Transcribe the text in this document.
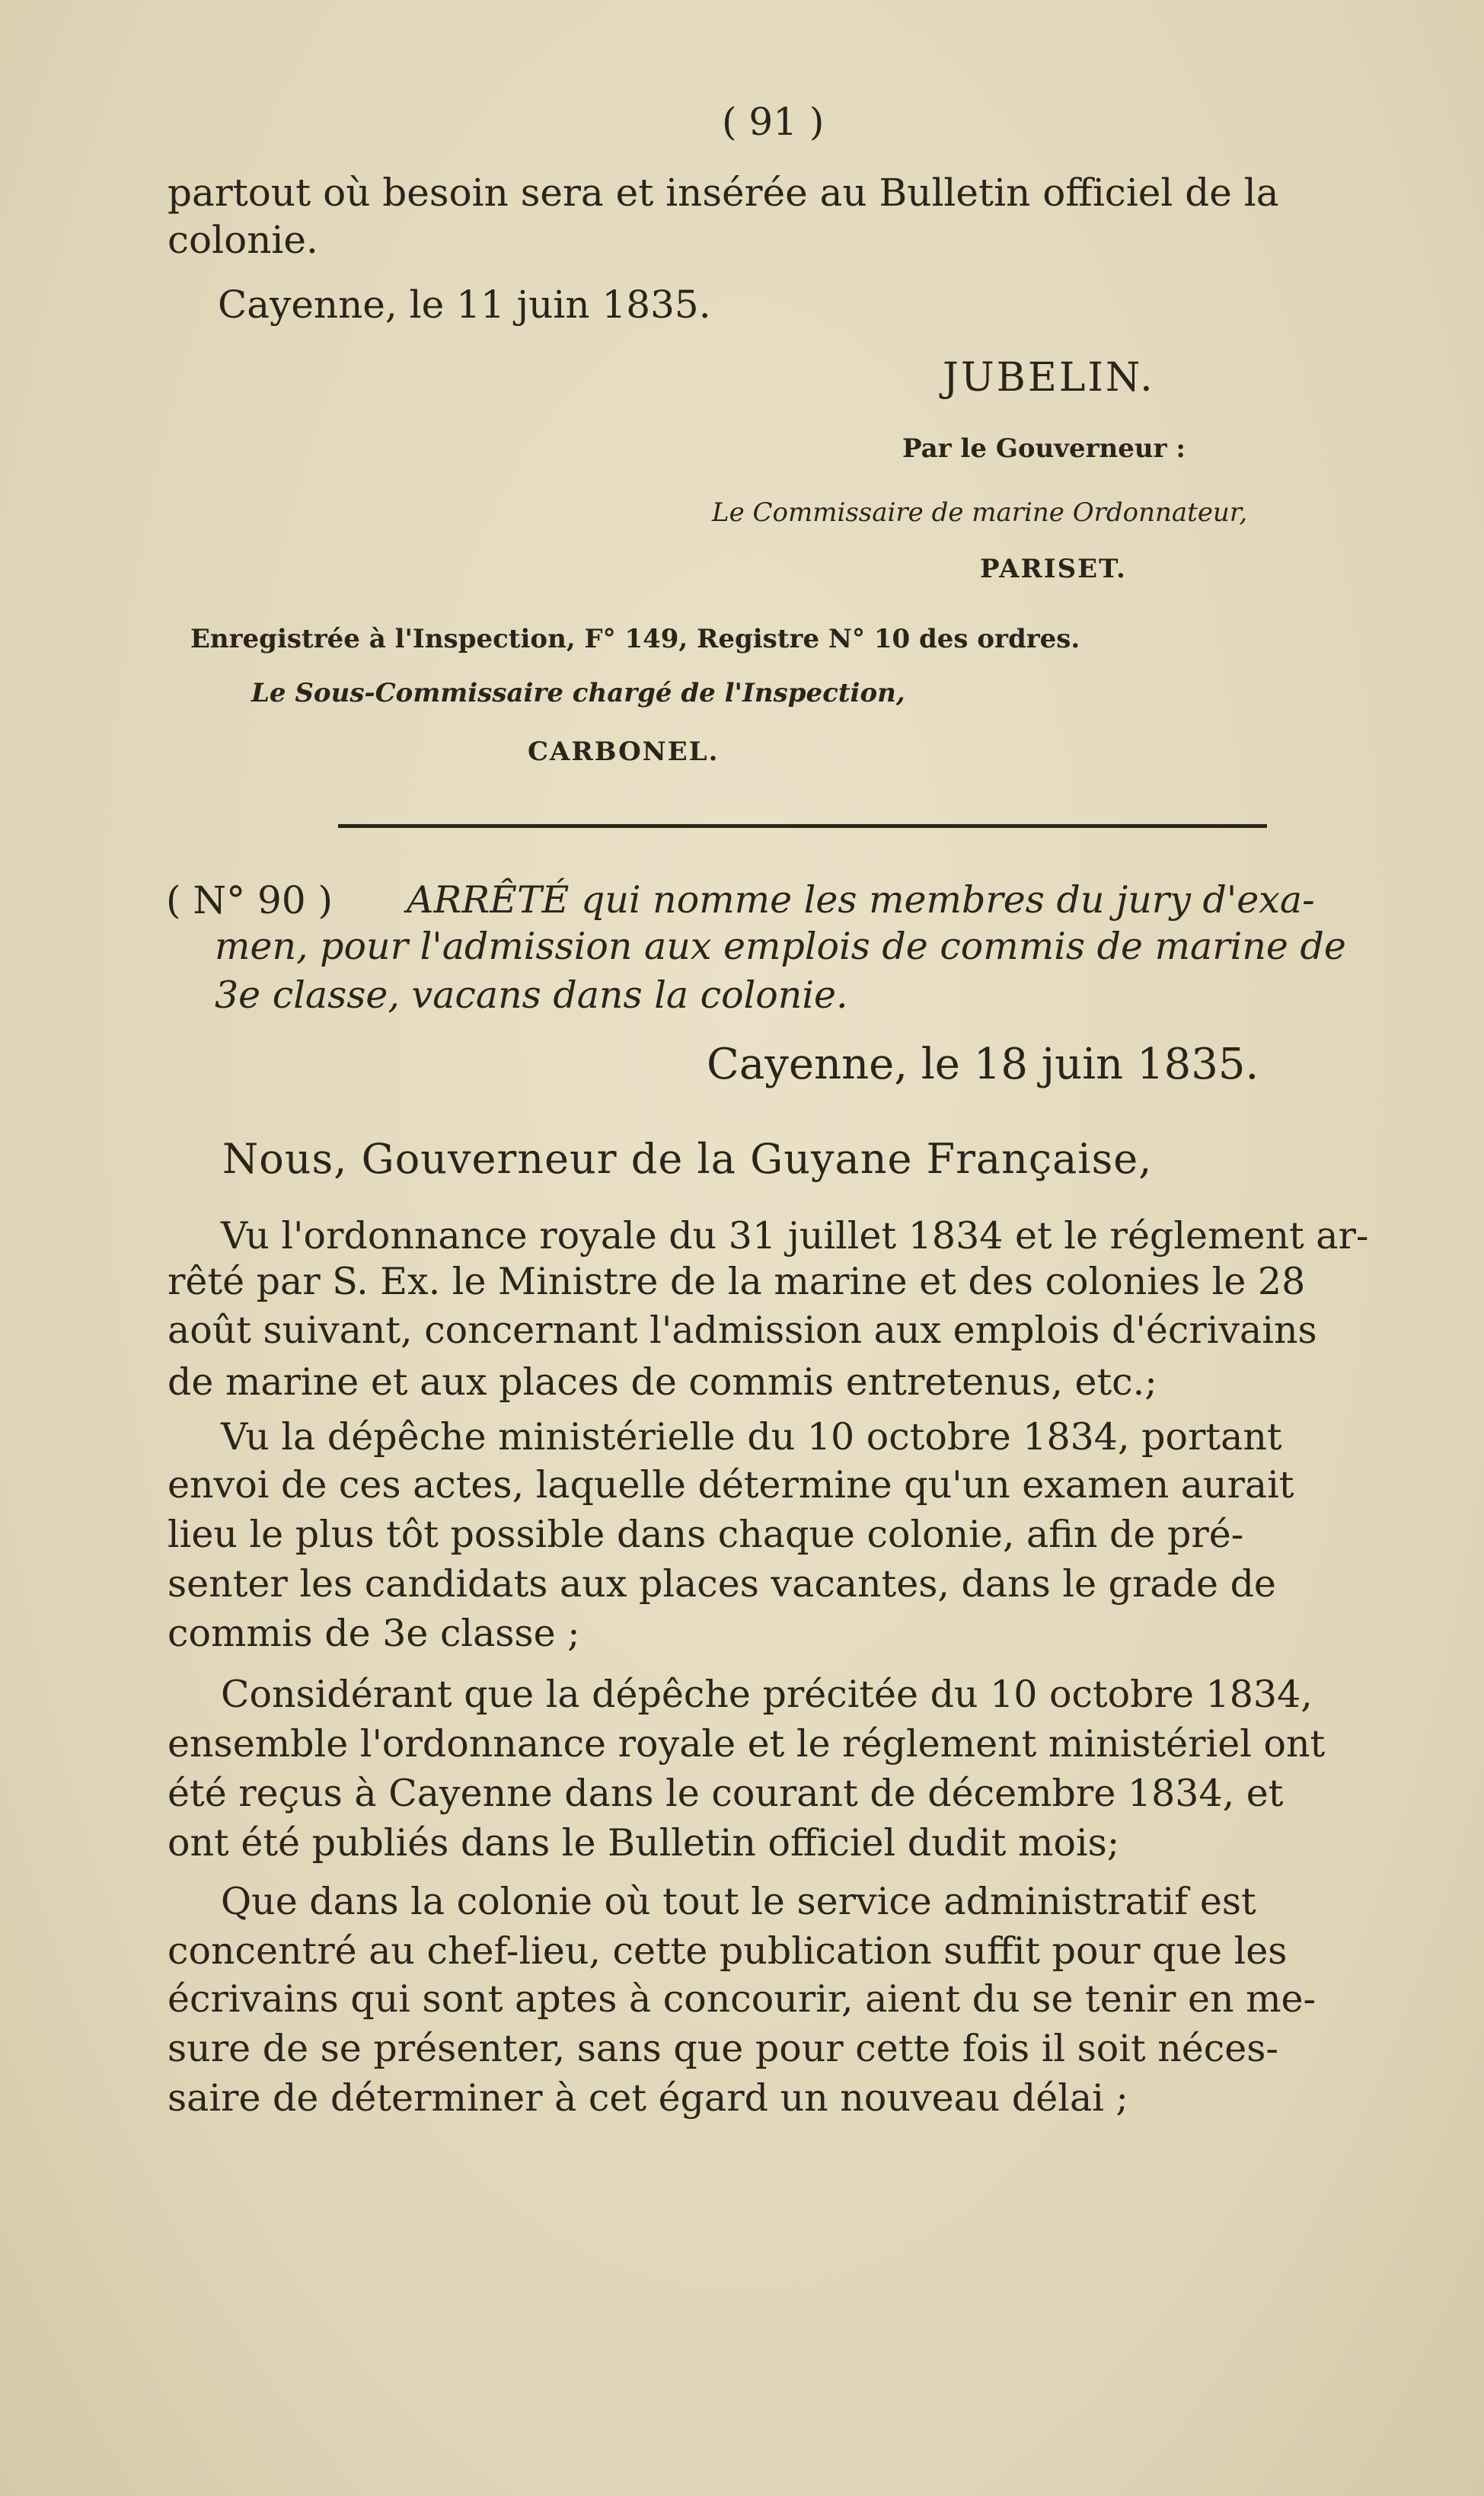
( 91 )
partout où besoin sera et insérée au Bulletin officiel de la
colonie.
Cayenne, le 11 juin 1835.
JUBELIN.
Par le Gouverneur :
Le Commissaire de marine Ordonnateur,
PARISET.
Enregistrée à l'Inspection, F° 149, Registre N° 10 des ordres.
Le Sous-Commissaire chargé de l'Inspection,
CARBONEL.
( N° 90 ) ARRÊTÉ qui nomme les membres du jury d'exa-
men, pour l'admission aux emplois de commis de marine de
3e classe, vacans dans la colonie.
Cayenne, le 18 juin 1835.
Nous, Gouverneur de la Guyane Française,
Vu l'ordonnance royale du 31 juillet 1834 et le réglement ar-
rêté par S. Ex. le Ministre de la marine et des colonies le 28
août suivant, concernant l'admission aux emplois d'écrivains
de marine et aux places de commis entretenus, etc.;
Vu la dépêche ministérielle du 10 octobre 1834, portant
envoi de ces actes, laquelle détermine qu'un examen aurait
lieu le plus tôt possible dans chaque colonie, afin de pré-
senter les candidats aux places vacantes, dans le grade de
commis de 3e classe ;
Considérant que la dépêche précitée du 10 octobre 1834,
ensemble l'ordonnance royale et le réglement ministériel ont
été reçus à Cayenne dans le courant de décembre 1834, et
ont été publiés dans le Bulletin officiel dudit mois;
Que dans la colonie où tout le service administratif est
concentré au chef-lieu, cette publication suffit pour que les
écrivains qui sont aptes à concourir, aient du se tenir en me-
sure de se présenter, sans que pour cette fois il soit néces-
saire de déterminer à cet égard un nouveau délai ;
